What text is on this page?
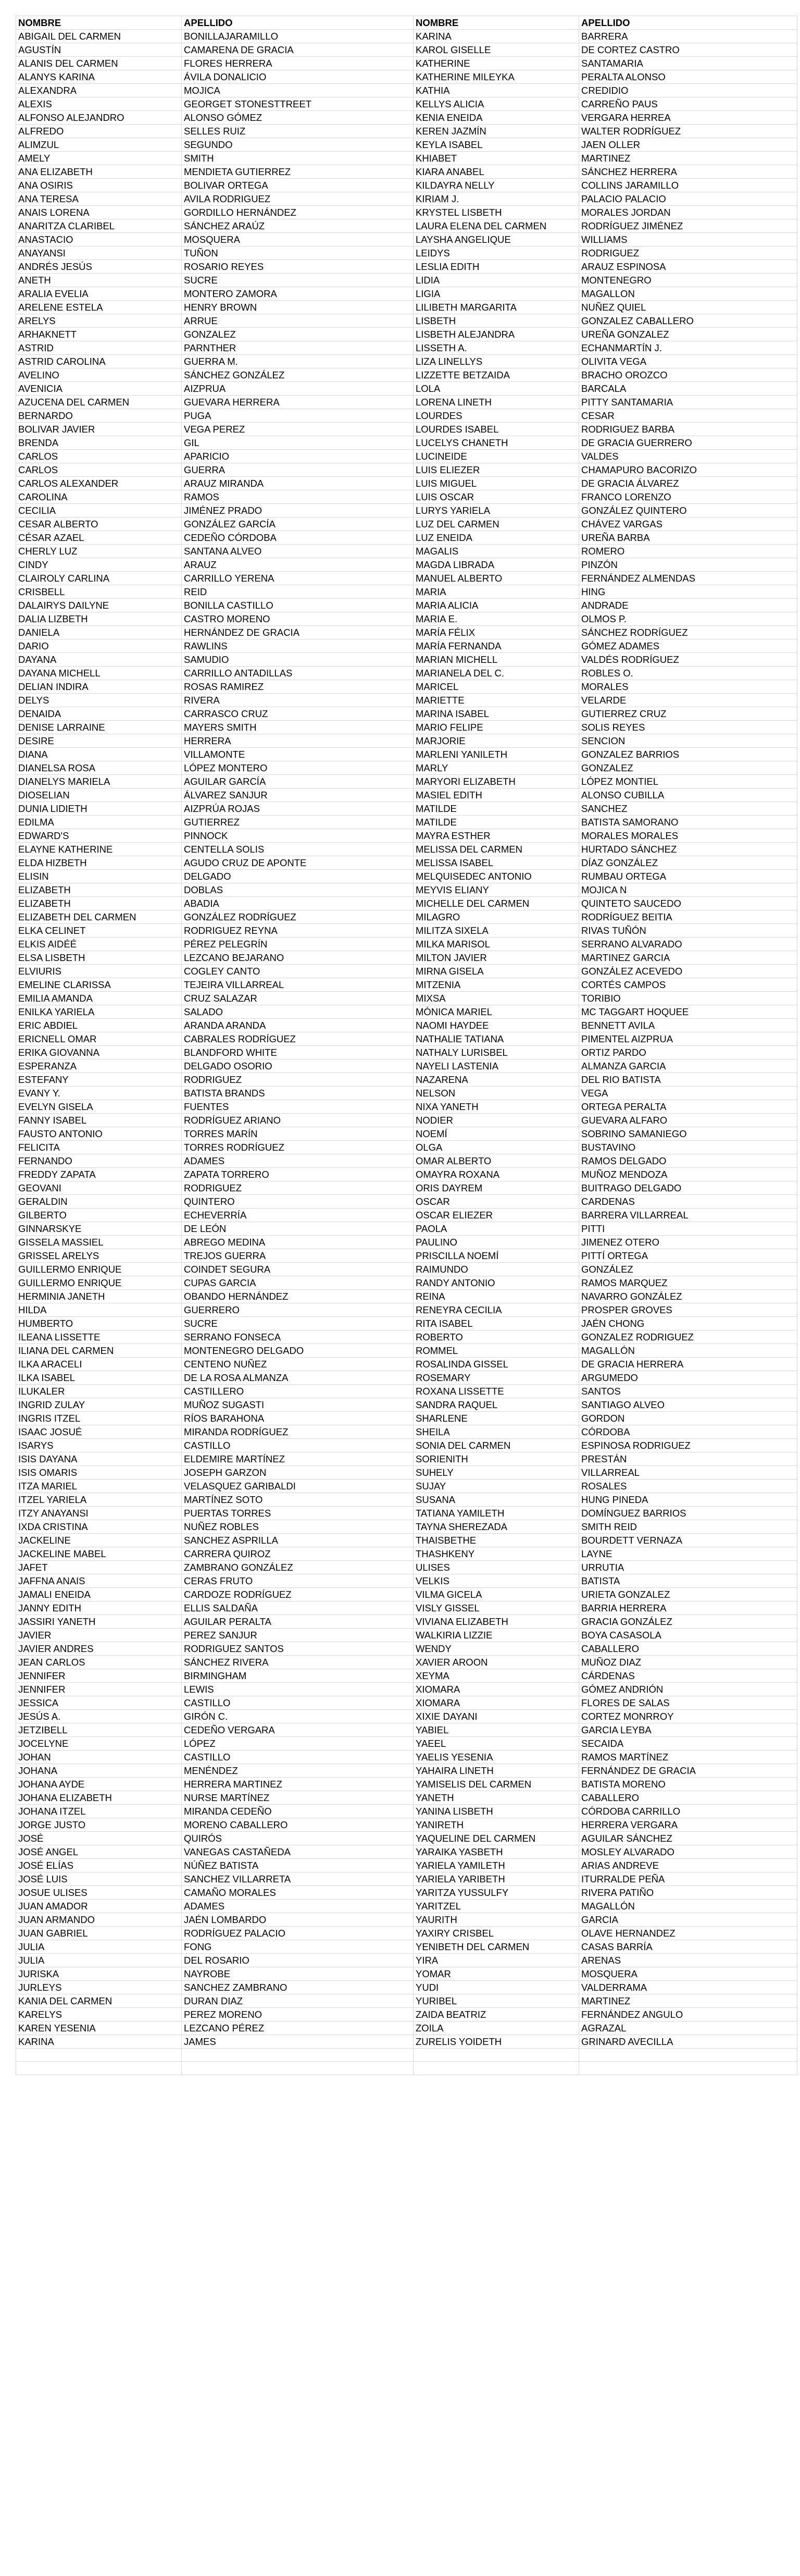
NOMBRE	APELLIDO	NOMBRE	APELLIDO
ABIGAIL DEL CARMEN	BONILLAJARAMILLO	KARINA	BARRERA
AGUSTÍN	CAMARENA DE GRACIA	KAROL GISELLE	DE CORTEZ CASTRO
ALANIS DEL CARMEN	FLORES HERRERA	KATHERINE	SANTAMARIA
ALANYS KARINA	ÁVILA DONALICIO	KATHERINE MILEYKA	PERALTA ALONSO
ALEXANDRA	MOJICA	KATHIA	CREDIDIO
ALEXIS	GEORGET STONESTTREET	KELLYS ALICIA	CARREÑO PAUS
ALFONSO ALEJANDRO	ALONSO GÓMEZ	KENIA ENEIDA	VERGARA HERREA
ALFREDO	SELLES RUIZ	KEREN JAZMÍN	WALTER RODRÍGUEZ
ALIMZUL	SEGUNDO	KEYLA ISABEL	JAEN OLLER
AMELY	SMITH	KHIABET	MARTINEZ
ANA ELIZABETH	MENDIETA GUTIERREZ	KIARA ANABEL	SÁNCHEZ HERRERA
ANA OSIRIS	BOLIVAR ORTEGA	KILDAYRA NELLY	COLLINS JARAMILLO
ANA TERESA	AVILA RODRIGUEZ	KIRIAM J.	PALACIO PALACIO
ANAIS LORENA	GORDILLO HERNÁNDEZ	KRYSTEL LISBETH	MORALES JORDAN
ANARITZA CLARIBEL	SÁNCHEZ ARAÚZ	LAURA ELENA DEL CARMEN	RODRÍGUEZ JIMÉNEZ
ANASTACIO	MOSQUERA	LAYSHA ANGELIQUE	WILLIAMS
ANAYANSI	TUÑON	LEIDYS	RODRIGUEZ
ANDRÉS JESÚS	ROSARIO REYES	LESLIA EDITH	ARAUZ ESPINOSA
ANETH	SUCRE	LIDIA	MONTENEGRO
ARALIA EVELIA	MONTERO ZAMORA	LIGIA	MAGALLON
ARELENE ESTELA	HENRY BROWN	LILIBETH MARGARITA	NUÑEZ QUIEL
ARELYS	ARRUE	LISBETH	GONZALEZ CABALLERO
ARHAKNETT	GONZALEZ	LISBETH ALEJANDRA	UREÑA GONZALEZ
ASTRID	PARNTHER	LISSETH A.	ECHANMARTÍN J.
ASTRID CAROLINA	GUERRA M.	LIZA LINELLYS	OLIVITA VEGA
AVELINO	SÁNCHEZ GONZÁLEZ	LIZZETTE BETZAIDA	BRACHO OROZCO
AVENICIA	AIZPRUA	LOLA	BARCALA
AZUCENA DEL CARMEN	GUEVARA HERRERA	LORENA LINETH	PITTY SANTAMARIA
BERNARDO	PUGA	LOURDES	CESAR
BOLIVAR JAVIER	VEGA PEREZ	LOURDES ISABEL	RODRIGUEZ BARBA
BRENDA	GIL	LUCELYS CHANETH	DE GRACIA GUERRERO
CARLOS	APARICIO	LUCINEIDE	VALDES
CARLOS	GUERRA	LUIS ELIEZER	CHAMAPURO BACORIZO
CARLOS ALEXANDER	ARAUZ MIRANDA	LUIS MIGUEL	DE GRACIA ÁLVAREZ
CAROLINA	RAMOS	LUIS OSCAR	FRANCO LORENZO
CECILIA	JIMÉNEZ PRADO	LURYS YARIELA	GONZÁLEZ QUINTERO
CESAR ALBERTO	GONZÁLEZ GARCÍA	LUZ DEL CARMEN	CHÁVEZ VARGAS
CÉSAR AZAEL	CEDEÑO CÓRDOBA	LUZ ENEIDA	UREÑA BARBA
CHERLY LUZ	SANTANA ALVEO	MAGALIS	ROMERO
CINDY	ARAUZ	MAGDA LIBRADA	PINZÓN
CLAIROLY CARLINA	CARRILLO YERENA	MANUEL ALBERTO	FERNÁNDEZ ALMENDAS
CRISBELL	REID	MARIA	HING
DALAIRYS DAILYNE	BONILLA CASTILLO	MARIA ALICIA	ANDRADE
DALIA LIZBETH	CASTRO MORENO	MARIA E.	OLMOS P.
DANIELA	HERNÁNDEZ DE GRACIA	MARÍA FÉLIX	SÁNCHEZ RODRÍGUEZ
DARIO	RAWLINS	MARÍA FERNANDA	GÓMEZ ADAMES
DAYANA	SAMUDIO	MARIAN MICHELL	VALDÉS RODRÍGUEZ
DAYANA MICHELL	CARRILLO ANTADILLAS	MARIANELA DEL C.	ROBLES O.
DELIAN INDIRA	ROSAS RAMIREZ	MARICEL	MORALES
DELYS	RIVERA	MARIETTE	VELARDE
DENAIDA	CARRASCO CRUZ	MARINA ISABEL	GUTIERREZ CRUZ
DENISE LARRAINE	MAYERS SMITH	MARIO FELIPE	SOLIS REYES
DESIRE	HERRERA	MARJORIE	SENCION
DIANA	VILLAMONTE	MARLENI YANILETH	GONZALEZ BARRIOS
DIANELSA ROSA	LÓPEZ MONTERO	MARLY	GONZALEZ
DIANELYS MARIELA	AGUILAR GARCÍA	MARYORI ELIZABETH	LÓPEZ MONTIEL
DIOSELIAN	ÁLVAREZ SANJUR	MASIEL EDITH	ALONSO CUBILLA
DUNIA LIDIETH	AIZPRÚA ROJAS	MATILDE	SANCHEZ
EDILMA	GUTIERREZ	MATILDE	BATISTA SAMORANO
EDWARD'S	PINNOCK	MAYRA ESTHER	MORALES MORALES
ELAYNE KATHERINE	CENTELLA SOLIS	MELISSA DEL CARMEN	HURTADO SÁNCHEZ
ELDA HIZBETH	AGUDO CRUZ DE APONTE	MELISSA ISABEL	DÍAZ GONZÁLEZ
ELISIN	DELGADO	MELQUISEDEC ANTONIO	RUMBAU ORTEGA
ELIZABETH	DOBLAS	MEYVIS ELIANY	MOJICA N
ELIZABETH	ABADIA	MICHELLE DEL CARMEN	QUINTETO SAUCEDO
ELIZABETH DEL CARMEN	GONZÁLEZ RODRÍGUEZ	MILAGRO	RODRÍGUEZ BEITIA
ELKA CELINET	RODRIGUEZ REYNA	MILITZA SIXELA	RIVAS TUÑÓN
ELKIS AIDÉÉ	PÉREZ PELEGRÍN	MILKA MARISOL	SERRANO ALVARADO
ELSA LISBETH	LEZCANO BEJARANO	MILTON JAVIER	MARTINEZ GARCIA
ELVIURIS	COGLEY CANTO	MIRNA GISELA	GONZÁLEZ ACEVEDO
EMELINE CLARISSA	TEJEIRA VILLARREAL	MITZENIA	CORTÉS CAMPOS
EMILIA AMANDA	CRUZ SALAZAR	MIXSA	TORIBIO
ENILKA YARIELA	SALADO	MÓNICA MARIEL	MC TAGGART HOQUEE
ERIC ABDIEL	ARANDA ARANDA	NAOMI HAYDEE	BENNETT AVILA
ERICNELL OMAR	CABRALES RODRÍGUEZ	NATHALIE TATIANA	PIMENTEL AIZPRUA
ERIKA GIOVANNA	BLANDFORD WHITE	NATHALY LURISBEL	ORTIZ PARDO
ESPERANZA	DELGADO OSORIO	NAYELI LASTENIA	ALMANZA GARCIA
ESTEFANY	RODRIGUEZ	NAZARENA	DEL RIO BATISTA
EVANY Y.	BATISTA BRANDS	NELSON	VEGA
EVELYN GISELA	FUENTES	NIXA YANETH	ORTEGA PERALTA
FANNY ISABEL	RODRÍGUEZ ARIANO	NODIER	GUEVARA ALFARO
FAUSTO ANTONIO	TORRES MARÍN	NOEMÍ	SOBRINO SAMANIEGO
FELICITA	TORRES RODRÍGUEZ	OLGA	BUSTAVINO
FERNANDO	ADAMES	OMAR ALBERTO	RAMOS DELGADO
FREDDY ZAPATA	ZAPATA TORRERO	OMAYRA ROXANA	MUÑOZ MENDOZA
GEOVANI	RODRIGUEZ	ORIS DAYREM	BUITRAGO DELGADO
GERALDIN	QUINTERO	OSCAR	CARDENAS
GILBERTO	ECHEVERRÍA	OSCAR ELIEZER	BARRERA VILLARREAL
GINNARSKYE	DE LEÓN	PAOLA	PITTI
GISSELA MASSIEL	ABREGO MEDINA	PAULINO	JIMENEZ OTERO
GRISSEL ARELYS	TREJOS GUERRA	PRISCILLA NOEMÍ	PITTÍ ORTEGA
GUILLERMO ENRIQUE	COINDET SEGURA	RAIMUNDO	GONZÁLEZ
GUILLERMO ENRIQUE	CUPAS GARCIA	RANDY ANTONIO	RAMOS MARQUEZ
HERMINIA JANETH	OBANDO HERNÁNDEZ	REINA	NAVARRO GONZÁLEZ
HILDA	GUERRERO	RENEYRA CECILIA	PROSPER GROVES
HUMBERTO	SUCRE	RITA ISABEL	JAÉN CHONG
ILEANA LISSETTE	SERRANO FONSECA	ROBERTO	GONZALEZ RODRIGUEZ
ILIANA DEL CARMEN	MONTENEGRO DELGADO	ROMMEL	MAGALLÓN
ILKA ARACELI	CENTENO NUÑEZ	ROSALINDA GISSEL	DE GRACIA HERRERA
ILKA ISABEL	DE LA ROSA ALMANZA	ROSEMARY	ARGUMEDO
ILUKALER	CASTILLERO	ROXANA LISSETTE	SANTOS
INGRID ZULAY	MUÑOZ SUGASTI	SANDRA RAQUEL	SANTIAGO ALVEO
INGRIS ITZEL	RÍOS BARAHONA	SHARLENE	GORDON
ISAAC JOSUÉ	MIRANDA RODRÍGUEZ	SHEILA	CÓRDOBA
ISARYS	CASTILLO	SONIA DEL CARMEN	ESPINOSA RODRIGUEZ
ISIS DAYANA	ELDEMIRE MARTÍNEZ	SORIENITH	PRESTÁN
ISIS OMARIS	JOSEPH GARZON	SUHELY	VILLARREAL
ITZA MARIEL	VELASQUEZ GARIBALDI	SUJAY	ROSALES
ITZEL YARIELA	MARTÍNEZ SOTO	SUSANA	HUNG PINEDA
ITZY ANAYANSI	PUERTAS TORRES	TATIANA YAMILETH	DOMÍNGUEZ BARRIOS
IXDA CRISTINA	NUÑEZ ROBLES	TAYNA SHEREZADA	SMITH REID
JACKELINE	SANCHEZ ASPRILLA	THAISBETHE	BOURDETT VERNAZA
JACKELINE MABEL	CARRERA QUIROZ	THASHKENY	LAYNE
JAFET	ZAMBRANO GONZÁLEZ	ULISES	URRUTIA
JAFFNA ANAIS	CERAS FRUTO	VELKIS	BATISTA
JAMALI ENEIDA	CARDOZE RODRÍGUEZ	VILMA GICELA	URIETA GONZALEZ
JANNY EDITH	ELLIS SALDAÑA	VISLY GISSEL	BARRIA HERRERA
JASSIRI YANETH	AGUILAR PERALTA	VIVIANA ELIZABETH	GRACIA GONZÁLEZ
JAVIER	PEREZ SANJUR	WALKIRIA LIZZIE	BOYA CASASOLA
JAVIER ANDRES	RODRIGUEZ SANTOS	WENDY	CABALLERO
JEAN CARLOS	SÁNCHEZ RIVERA	XAVIER AROON	MUÑOZ DIAZ
JENNIFER	BIRMINGHAM	XEYMA	CÁRDENAS
JENNIFER	LEWIS	XIOMARA	GÓMEZ ANDRIÓN
JESSICA	CASTILLO	XIOMARA	FLORES DE SALAS
JESÚS A.	GIRÓN C.	XIXIE DAYANI	CORTEZ MONRROY
JETZIBELL	CEDEÑO VERGARA	YABIEL	GARCIA LEYBA
JOCELYNE	LÓPEZ	YAEEL	SECAIDA
JOHAN	CASTILLO	YAELIS YESENIA	RAMOS MARTÍNEZ
JOHANA	MENÉNDEZ	YAHAIRA LINETH	FERNÁNDEZ DE GRACIA
JOHANA AYDE	HERRERA MARTINEZ	YAMISELIS DEL CARMEN	BATISTA MORENO
JOHANA ELIZABETH	NURSE MARTÍNEZ	YANETH	CABALLERO
JOHANA ITZEL	MIRANDA CEDEÑO	YANINA LISBETH	CÓRDOBA CARRILLO
JORGE JUSTO	MORENO CABALLERO	YANIRETH	HERRERA VERGARA
JOSÉ	QUIRÓS	YAQUELINE DEL CARMEN	AGUILAR SÁNCHEZ
JOSÉ ANGEL	VANEGAS CASTAÑEDA	YARAIKA YASBETH	MOSLEY ALVARADO
JOSÉ ELÍAS	NÚÑEZ BATISTA	YARIELA YAMILETH	ARIAS ANDREVE
JOSÉ LUIS	SANCHEZ VILLARRETA	YARIELA YARIBETH	ITURRALDE PEÑA
JOSUE ULISES	CAMAÑO MORALES	YARITZA YUSSULFY	RIVERA PATIÑO
JUAN AMADOR	ADAMES	YARITZEL	MAGALLÓN
JUAN ARMANDO	JAÉN LOMBARDO	YAURITH	GARCIA
JUAN GABRIEL	RODRÍGUEZ PALACIO	YAXIRY CRISBEL	OLAVE HERNANDEZ
JULIA	FONG	YENIBETH DEL CARMEN	CASAS BARRÍA
JULIA	DEL ROSARIO	YIRA	ARENAS
JURISKA	NAYROBE	YOMAR	MOSQUERA
JURLEYS	SANCHEZ ZAMBRANO	YUDI	VALDERRAMA
KANIA DEL CARMEN	DURAN DIAZ	YURIBEL	MARTINEZ
KARELYS	PEREZ MORENO	ZAIDA BEATRIZ	FERNÁNDEZ ANGULO
KAREN YESENIA	LEZCANO PÉREZ	ZOILA	AGRAZAL
KARINA	JAMES	ZURELIS YOIDETH	GRINARD AVECILLA
